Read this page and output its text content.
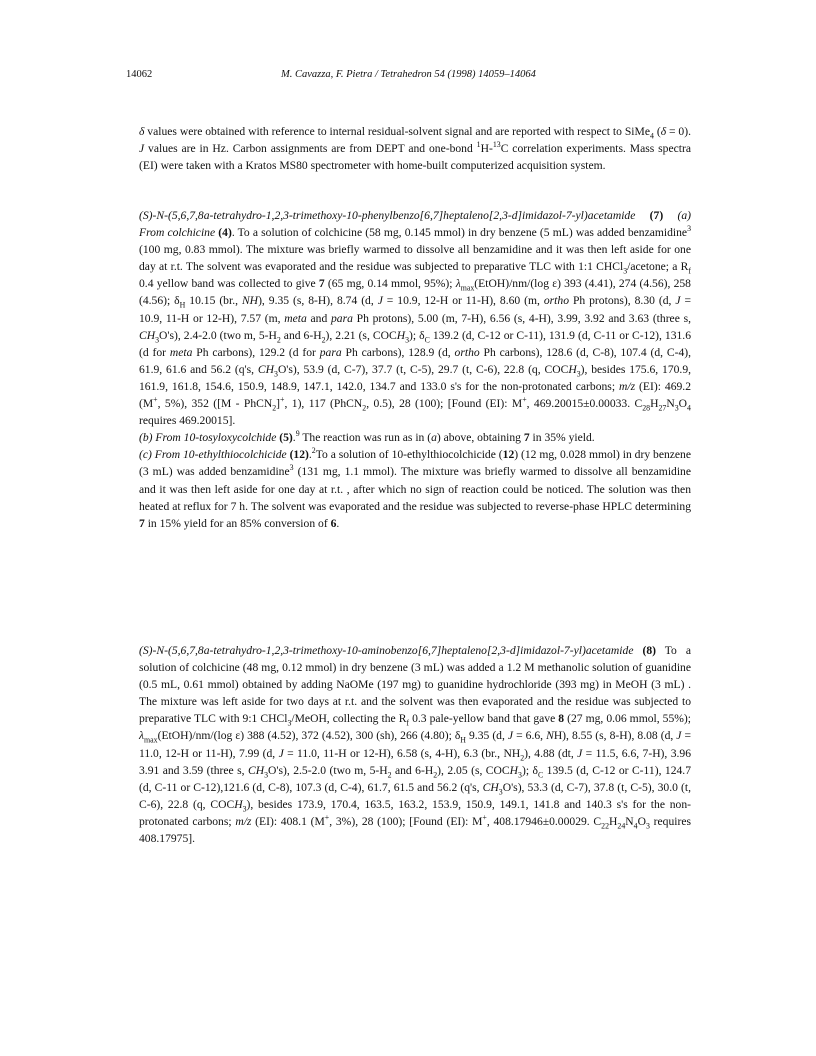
14062	M. Cavazza, F. Pietra / Tetrahedron 54 (1998) 14059–14064

δ values were obtained with reference to internal residual-solvent signal and are reported with respect to SiMe$_4$ (δ = 0). J values are in Hz. Carbon assignments are from DEPT and one-bond $^1$H-$^{13}$C correlation experiments. Mass spectra (EI) were taken with a Kratos MS80 spectrometer with home-built computerized acquisition system.

(S)-N-(5,6,7,8a-tetrahydro-1,2,3-trimethoxy-10-phenylbenzo[6,7]heptaleno[2,3-d]imidazol-7-yl)acetamide (7) (a) From colchicine (4). To a solution of colchicine (58 mg, 0.145 mmol) in dry benzene (5 mL) was added benzamidine$^3$ (100 mg, 0.83 mmol). The mixture was briefly warmed to dissolve all benzamidine and it was then left aside for one day at r.t. The solvent was evaporated and the residue was subjected to preparative TLC with 1:1 CHCl$_3$/acetone; a $R_f$ 0.4 yellow band was collected to give 7 (65 mg, 0.14 mmol, 95%); $\lambda_{max}(EtOH)/nm/(\log$ ε) 393 (4.41), 274 (4.56), 258 (4.56); $\delta_H$ 10.15 (br., NH), 9.35 (s, 8-H), 8.74 (d, J = 10.9, 12-H or 11-H), 8.60 (m, ortho Ph protons), 8.30 (d, J = 10.9, 11-H or 12-H), 7.57 (m, meta and para Ph protons), 5.00 (m, 7-H), 6.56 (s, 4-H), 3.99, 3.92 and 3.63 (three s, $CH_3O's$), 2.4-2.0 (two m, $5-H_2$ and $6-H_2$), 2.21 (s, $COCH_3$); $\delta_C$ 139.2 (d, C-12 or C-11), 131.9 (d, C-11 or C-12), 131.6 (d for meta Ph carbons), 129.2 (d for para Ph carbons), 128.9 (d, ortho Ph carbons), 128.6 (d, C-8), 107.4 (d, C-4), 61.9, 61.6 and 56.2 (q's, $CH_3O's$), 53.9 (d, C-7), 37.7 (t, C-5), 29.7 (t, C-6), 22.8 (q, $COCH_3$), besides 175.6, 170.9, 161.9, 161.8, 154.6, 150.9, 148.9, 147.1, 142.0, 134.7 and 133.0 s's for the non-protonated carbons; m/z (EI): 469.2 (M+, 5%), 352 ([M - PhCN$_2$]+, 1), 117 (PhCN$_2$, 0.5), 28 (100); [Found (EI): M+, 469.20015±0.00033. $C_{28}H_{27}N_3O_4$ requires 469.20015].

(b) From 10-tosyloxycolchide (5).$^9$ The reaction was run as in (a) above, obtaining 7 in 35% yield.

(c) From 10-ethylthiocolchicide (12).$^2$To a solution of 10-ethylthiocolchicide (12) (12 mg, 0.028 mmol) in dry benzene (3 mL) was added benzamidine$^3$ (131 mg, 1.1 mmol). The mixture was briefly warmed to dissolve all benzamidine and it was then left aside for one day at r.t. , after which no sign of reaction could be noticed. The solution was then heated at reflux for 7 h. The solvent was evaporated and the residue was subjected to reverse-phase HPLC determining 7 in 15% yield for an 85% conversion of 6.

(S)-N-(5,6,7,8a-tetrahydro-1,2,3-trimethoxy-10-aminobenzo[6,7]heptaleno[2,3-d]imidazol-7-yl)acetamide (8) To a solution of colchicine (48 mg, 0.12 mmol) in dry benzene (3 mL) was added a 1.2 M methanolic solution of guanidine (0.5 mL, 0.61 mmol) obtained by adding NaOMe (197 mg) to guanidine hydrochloride (393 mg) in MeOH (3 mL) . The mixture was left aside for two days at r.t. and the solvent was then evaporated and the residue was subjected to preparative TLC with 9:1 CHCl$_3$/MeOH, collecting the $R_f$ 0.3 pale-yellow band that gave 8 (27 mg, 0.06 mmol, 55%); $\lambda_{max}(EtOH)/nm/(\log$ ε) 388 (4.52), 372 (4.52), 300 (sh), 266 (4.80); $\delta_H$ 9.35 (d, J = 6.6, NH), 8.55 (s, 8-H), 8.08 (d, J = 11.0, 12-H or 11-H), 7.99 (d, J = 11.0, 11-H or 12-H), 6.58 (s, 4-H), 6.3 (br., $NH_2$), 4.88 (dt, J = 11.5, 6.6, 7-H), 3.96 3.91 and 3.59 (three s, $CH_3O's$), 2.5-2.0 (two m, $5-H_2$ and $6-H_2$), 2.05 (s, $COCH_3$); $\delta_C$ 139.5 (d, C-12 or C-11), 124.7 (d, C-11 or C-12),121.6 (d, C-8), 107.3 (d, C-4), 61.7, 61.5 and 56.2 (q's, $CH_3O's$), 53.3 (d, C-7), 37.8 (t, C-5), 30.0 (t, C-6), 22.8 (q, $COCH_3$), besides 173.9, 170.4, 163.5, 163.2, 153.9, 150.9, 149.1, 141.8 and 140.3 s's for the non-protonated carbons; m/z (EI): 408.1 (M+, 3%), 28 (100); [Found (EI): M+, 408.17946±0.00029. $C_{22}H_{24}N_4O_3$ requires 408.17975].
